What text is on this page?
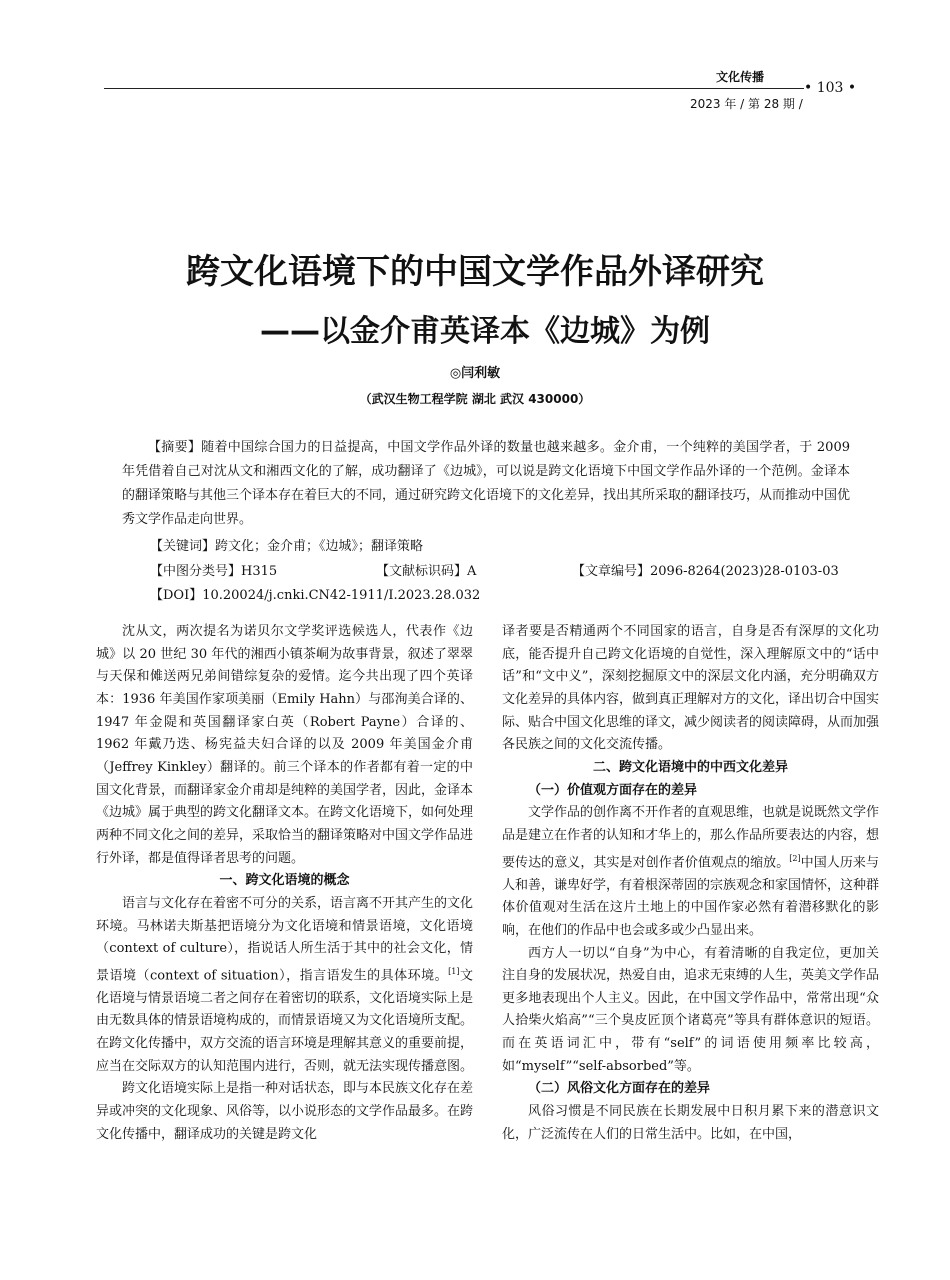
文化传播
• 103 •
2023 年 / 第 28 期 /
跨文化语境下的中国文学作品外译研究
——以金介甫英译本《边城》为例
◎闫利敏
（武汉生物工程学院 湖北 武汉 430000）
【摘要】随着中国综合国力的日益提高，中国文学作品外译的数量也越来越多。金介甫，一个纯粹的美国学者，于 2009 年凭借着自己对沈从文和湘西文化的了解，成功翻译了《边城》，可以说是跨文化语境下中国文学作品外译的一个范例。金译本的翻译策略与其他三个译本存在着巨大的不同，通过研究跨文化语境下的文化差异，找出其所采取的翻译技巧，从而推动中国优秀文学作品走向世界。
【关键词】跨文化；金介甫；《边城》；翻译策略
【中图分类号】H315	【文献标识码】A	【文章编号】2096-8264(2023)28-0103-03
【DOI】10.20024/j.cnki.CN42-1911/I.2023.28.032

沈从文，两次提名为诺贝尔文学奖评选候选人，代表作《边城》以 20 世纪 30 年代的湘西小镇茶峒为故事背景，叙述了翠翠与天保和傩送两兄弟间错综复杂的爱情。迄今共出现了四个英译本：1936 年美国作家项美丽（Emily Hahn）与邵洵美合译的、1947 年金隄和英国翻译家白英（Robert Payne）合译的、1962 年戴乃迭、杨宪益夫妇合译的以及 2009 年美国金介甫（Jeffrey Kinkley）翻译的。前三个译本的作者都有着一定的中国文化背景，而翻译家金介甫却是纯粹的美国学者，因此，金译本《边城》属于典型的跨文化翻译文本。在跨文化语境下，如何处理两种不同文化之间的差异，采取恰当的翻译策略对中国文学作品进行外译，都是值得译者思考的问题。

一、跨文化语境的概念

语言与文化存在着密不可分的关系，语言离不开其产生的文化环境。马林诺夫斯基把语境分为文化语境和情景语境，文化语境（context of culture），指说话人所生活于其中的社会文化，情景语境（context of situation），指言语发生的具体环境。[1]文化语境与情景语境二者之间存在着密切的联系，文化语境实际上是由无数具体的情景语境构成的，而情景语境又为文化语境所支配。在跨文化传播中，双方交流的语言环境是理解其意义的重要前提，应当在交际双方的认知范围内进行，否则，就无法实现传播意图。

跨文化语境实际上是指一种对话状态，即与本民族文化存在差异或冲突的文化现象、风俗等，以小说形态的文学作品最多。在跨文化传播中，翻译成功的关键是跨文化

译者要是否精通两个不同国家的语言，自身是否有深厚的文化功底，能否提升自己跨文化语境的自觉性，深入理解原文中的“话中话”和“文中义”，深刻挖掘原文中的深层文化内涵，充分明确双方文化差异的具体内容，做到真正理解对方的文化，译出切合中国实际、贴合中国文化思维的译文，减少阅读者的阅读障碍，从而加强各民族之间的文化交流传播。

二、跨文化语境中的中西文化差异
（一）价值观方面存在的差异

文学作品的创作离不开作者的直观思维，也就是说既然文学作品是建立在作者的认知和才华上的，那么作品所要表达的内容，想要传达的意义，其实是对创作者价值观点的缩放。[2]中国人历来与人和善，谦卑好学，有着根深蒂固的宗族观念和家国情怀，这种群体价值观对生活在这片土地上的中国作家必然有着潜移默化的影响，在他们的作品中也会或多或少凸显出来。

西方人一切以“自身”为中心，有着清晰的自我定位，更加关注自身的发展状况，热爱自由，追求无束缚的人生，英美文学作品更多地表现出个人主义。因此，在中国文学作品中，常常出现“众人拾柴火焰高”“三个臭皮匠顶个诸葛亮”等具有群体意识的短语。而在英语词汇中，带有“self”的词语使用频率比较高，如“myself”“self-absorbed”等。

（二）风俗文化方面存在的差异

风俗习惯是不同民族在长期发展中日积月累下来的潜意识文化，广泛流传在人们的日常生活中。比如，在中国，
